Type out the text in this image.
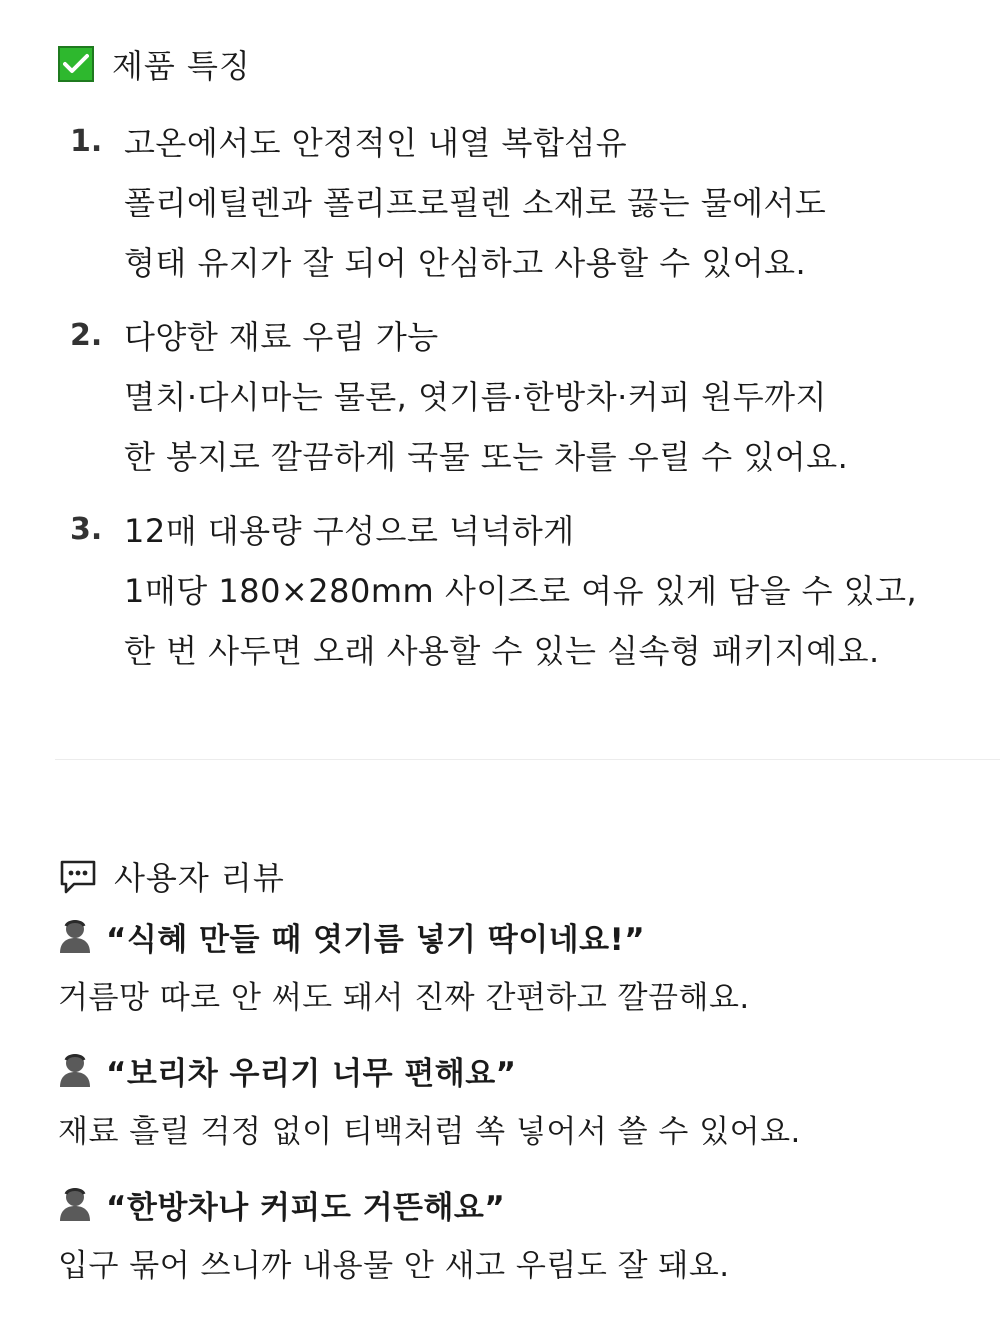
제품 특징
1. 고온에서도 안정적인 내열 복합섬유
폴리에틸렌과 폴리프로필렌 소재로 끓는 물에서도
형태 유지가 잘 되어 안심하고 사용할 수 있어요.
2. 다양한 재료 우림 가능
멸치·다시마는 물론, 엿기름·한방차·커피 원두까지
한 봉지로 깔끔하게 국물 또는 차를 우릴 수 있어요.
3. 12매 대용량 구성으로 넉넉하게
1매당 180×280mm 사이즈로 여유 있게 담을 수 있고,
한 번 사두면 오래 사용할 수 있는 실속형 패키지예요.
사용자 리뷰
“식혜 만들 때 엿기름 넣기 딱이네요!”
거름망 따로 안 써도 돼서 진짜 간편하고 깔끔해요.
“보리차 우리기 너무 편해요”
재료 흘릴 걱정 없이 티백처럼 쏙 넣어서 쓸 수 있어요.
“한방차나 커피도 거뜬해요”
입구 묶어 쓰니까 내용물 안 새고 우림도 잘 돼요.
